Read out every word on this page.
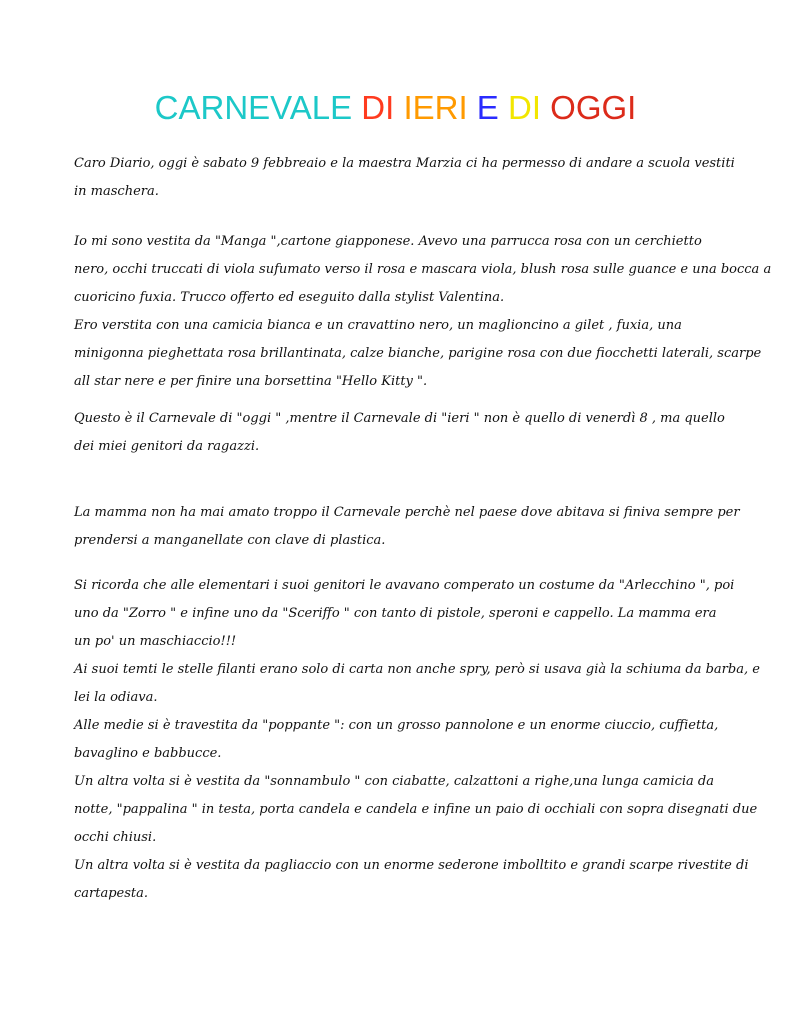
CARNEVALE DI IERI E DI OGGI
Caro Diario, oggi è sabato 9 febbreaio e la maestra Marzia ci ha permesso di andare a scuola vestiti
in maschera.
Io mi sono vestita da "Manga ",cartone giapponese. Avevo una parrucca rosa con un cerchietto
nero, occhi truccati di viola sufumato verso il rosa e mascara viola, blush rosa sulle guance e una bocca a
cuoricino fuxia. Trucco offerto ed eseguito dalla stylist Valentina.
Ero verstita con una camicia bianca e un cravattino nero, un maglioncino a gilet , fuxia, una
minigonna pieghettata rosa brillantinata, calze bianche, parigine rosa con due fiocchetti laterali, scarpe
all star nere e per finire una borsettina "Hello Kitty ".
Questo è il Carnevale di "oggi " ,mentre il Carnevale di "ieri " non è quello di venerdì 8 , ma quello
dei miei genitori da ragazzi.
La mamma non ha mai amato troppo il Carnevale perchè nel paese dove abitava si finiva sempre per
prendersi a manganellate con clave di plastica.
Si ricorda che alle elementari i suoi genitori le avavano comperato un costume da "Arlecchino ", poi
uno da "Zorro " e infine uno da "Sceriffo " con tanto di pistole, speroni e cappello. La mamma era
un po' un maschiaccio!!!
Ai suoi temti le stelle filanti erano solo di carta non anche spry, però si usava già la schiuma da barba, e
lei la odiava.
Alle medie si è travestita da "poppante ": con un grosso pannolone e un enorme ciuccio, cuffietta,
bavaglino e babbucce.
Un altra volta si è vestita da "sonnambulo " con ciabatte, calzattoni a righe,una lunga camicia da
notte, "pappalina " in testa, porta candela e candela e infine un paio di occhiali con sopra disegnati due
occhi chiusi.
Un altra volta si è vestita da pagliaccio con un enorme sederone imbolltito e grandi scarpe rivestite di
cartapesta.
